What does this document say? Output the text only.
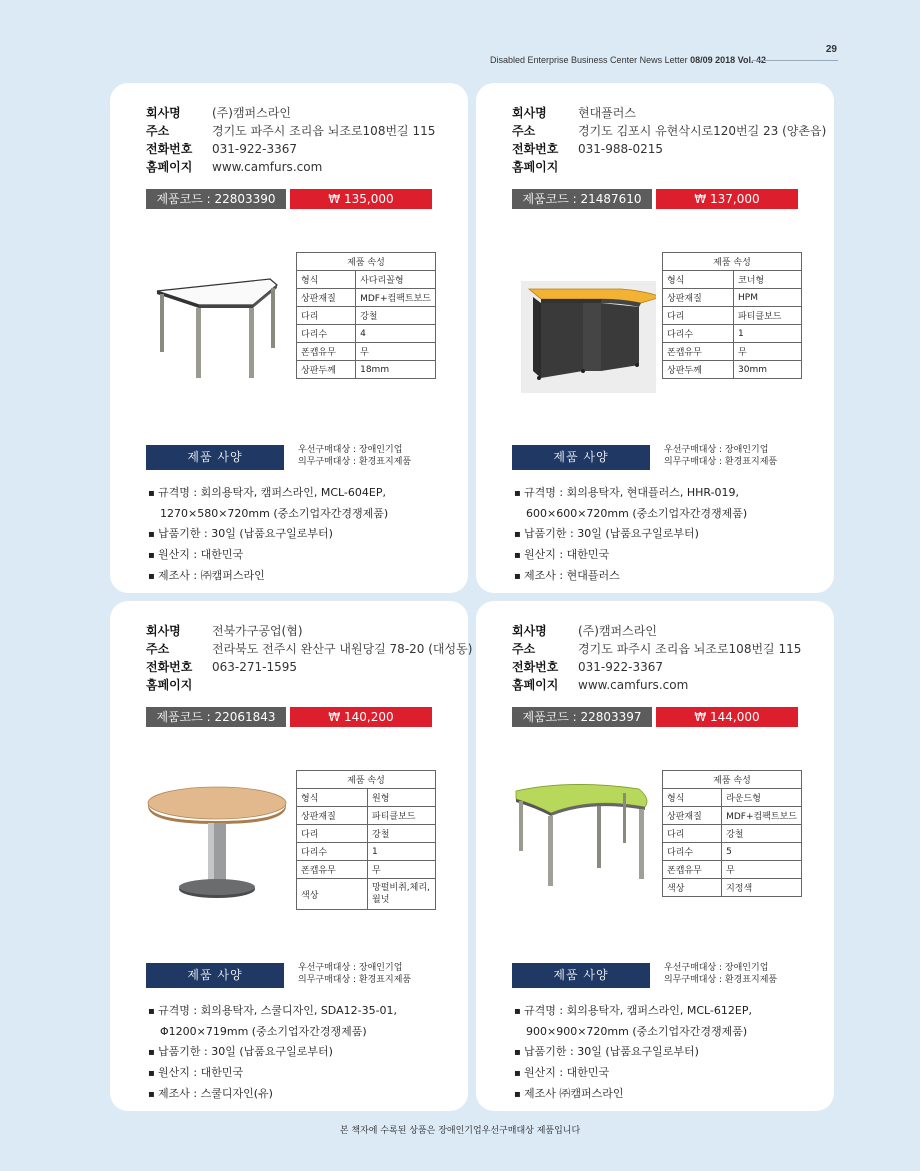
29
Disabled Enterprise Business Center News Letter 08/09 2018 Vol. 42
회사명	(주)캠퍼스라인
주소	경기도 파주시 조리읍 뇌조로108번길 115
전화번호	031-922-3367
홈페이지	www.camfurs.com
제품코드 : 22803390	₩ 135,000
제품 속성	
형식	사다리꼴형
상판재질	MDF+컴팩트보드
다리	강철
다리수	4
폰캡유무	무
상판두께	18mm
제품 사양	우선구매대상 : 장애인기업
의무구매대상 : 환경표지제품
▪ 규격명 : 회의용탁자, 캠퍼스라인, MCL-604EP,
1270×580×720mm (중소기업자간경쟁제품)
▪ 납품기한 : 30일 (납품요구일로부터)
▪ 원산지 : 대한민국
▪ 제조사 : ㈜캠퍼스라인
회사명	현대플러스
주소	경기도 김포시 유현삭시로120번길 23 (양촌읍)
전화번호	031-988-0215
홈페이지
제품코드 : 21487610	₩ 137,000
제품 속성	
형식	코너형
상판재질	HPM
다리	파티클보드
다리수	1
폰캡유무	무
상판두께	30mm
제품 사양	우선구매대상 : 장애인기업
의무구매대상 : 환경표지제품
▪ 규격명 : 회의용탁자, 현대플러스, HHR-019,
600×600×720mm (중소기업자간경쟁제품)
▪ 납품기한 : 30일 (납품요구일로부터)
▪ 원산지 : 대한민국
▪ 제조사 : 현대플러스
회사명	전북가구공업(협)
주소	전라북도 전주시 완산구 내원당길 78-20 (대성동)
전화번호	063-271-1595
홈페이지
제품코드 : 22061843	₩ 140,200
제품 속성	
형식	원형
상판재질	파티클보드
다리	강철
다리수	1
폰캡유무	무
색상	망펄비취,체리,월넛
제품 사양	우선구매대상 : 장애인기업
의무구매대상 : 환경표지제품
▪ 규격명 : 회의용탁자, 스쿨디자인, SDA12-35-01,
Φ1200×719mm (중소기업자간경쟁제품)
▪ 납품기한 : 30일 (납품요구일로부터)
▪ 원산지 : 대한민국
▪ 제조사 : 스쿨디자인(유)
회사명	(주)캠퍼스라인
주소	경기도 파주시 조리읍 뇌조로108번길 115
전화번호	031-922-3367
홈페이지	www.camfurs.com
제품코드 : 22803397	₩ 144,000
제품 속성	
형식	라운드형
상판재질	MDF+컴팩트보드
다리	강철
다리수	5
폰캡유무	무
색상	지정색
제품 사양	우선구매대상 : 장애인기업
의무구매대상 : 환경표지제품
▪ 규격명 : 회의용탁자, 캠퍼스라인, MCL-612EP,
900×900×720mm (중소기업자간경쟁제품)
▪ 납품기한 : 30일 (납품요구일로부터)
▪ 원산지 : 대한민국
▪ 제조사 ㈜캠퍼스라인
본 책자에 수록된 상품은 장애인기업우선구매대상 제품입니다
